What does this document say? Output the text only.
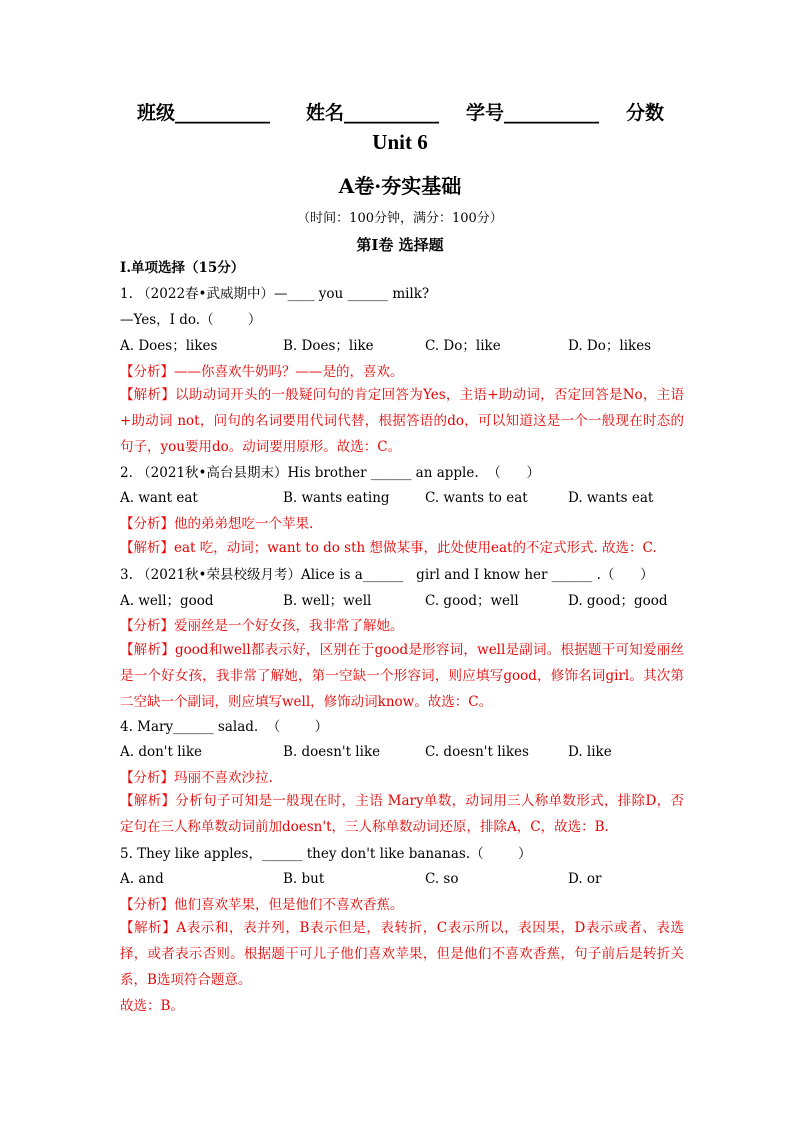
班级__________ 姓名__________ 学号__________ 分数
Unit 6
A卷·夯实基础
（时间：100分钟，满分：100分）
第Ⅰ卷 选择题
I.单项选择（15分）
1. （2022春•武威期中）—____ you ______ milk?
—Yes，I do.（        ）
A. Does；likes	B. Does；like	C. Do；like	D. Do；likes
【分析】——你喜欢牛奶吗？——是的，喜欢。
【解析】以助动词开头的一般疑问句的肯定回答为Yes，主语+助动词，否定回答是No，主语+助动词 not，问句的名词要用代词代替，根据答语的do，可以知道这是一个一般现在时态的句子，you要用do。动词要用原形。故选：C。
2. （2021秋•高台县期末）His brother ______ an apple.  （      ）
A. want eat	B. wants eating	C. wants to eat	D. wants eat
【分析】他的弟弟想吃一个苹果.
【解析】eat 吃，动词；want to do sth 想做某事，此处使用eat的不定式形式. 故选：C.
3. （2021秋•荣县校级月考）Alice is a______   girl and I know her ______ .（      ）
A. well；good	B. well；well	C. good；well	D. good；good
【分析】爱丽丝是一个好女孩，我非常了解她。
【解析】good和well都表示好，区别在于good是形容词，well是副词。根据题干可知爱丽丝是一个好女孩，我非常了解她，第一空缺一个形容词，则应填写good，修饰名词girl。其次第二空缺一个副词，则应填写well，修饰动词know。故选：C。
4. Mary______ salad.  （        ）
A. don't like	B. doesn't like	C. doesn't likes	D. like
【分析】玛丽不喜欢沙拉.
【解析】分析句子可知是一般现在时，主语 Mary单数，动词用三人称单数形式，排除D，否定句在三人称单数动词前加doesn't，三人称单数动词还原，排除A，C，故选：B.
5. They like apples，______ they don't like bananas.（        ）
A. and	B. but	C. so	D. or
【分析】他们喜欢苹果，但是他们不喜欢香蕉。
【解析】A表示和，表并列，B表示但是，表转折，C表示所以，表因果，D表示或者、表选择，或者表示否则。根据题干可儿子他们喜欢苹果，但是他们不喜欢香蕉，句子前后是转折关系，B选项符合题意。
故选：B。
